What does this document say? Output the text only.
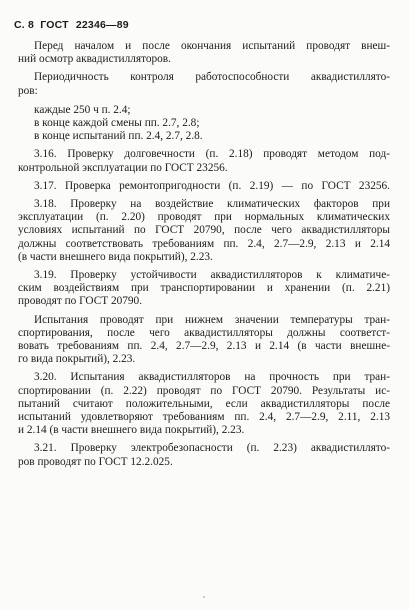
С. 8 ГОСТ 22346—89
Перед началом и после окончания испытаний проводят внеш-
ний осмотр аквадистилляторов.
Периодичность контроля работоспособности аквадистиллято-
ров:
каждые 250 ч п. 2.4;
в конце каждой смены пп. 2.7, 2.8;
в конце испытаний пп. 2.4, 2.7, 2.8.
3.16. Проверку долговечности (п. 2.18) проводят методом под-
контрольной эксплуатации по ГОСТ 23256.
3.17. Проверка ремонтопригодности (п. 2.19) — по ГОСТ 23256.
3.18. Проверку на воздействие климатических факторов при
эксплуатации (п. 2.20) проводят при нормальных климатических
условиях испытаний по ГОСТ 20790, после чего аквадистилляторы
должны соответствовать требованиям пп. 2.4, 2.7—2.9, 2.13 и 2.14
(в части внешнего вида покрытий), 2.23.
3.19. Проверку устойчивости аквадистилляторов к климатиче-
ским воздействиям при транспортировании и хранении (п. 2.21)
проводят по ГОСТ 20790.
Испытания проводят при нижнем значении температуры тран-
спортирования, после чего аквадистилляторы должны соответст-
вовать требованиям пп. 2.4, 2.7—2.9, 2.13 и 2.14 (в части внешне-
го вида покрытий), 2.23.
3.20. Испытания аквадистилляторов на прочность при тран-
спортировании (п. 2.22) проводят по ГОСТ 20790. Результаты ис-
пытаний считают положительными, если аквадистилляторы после
испытаний удовлетворяют требованиям пп. 2.4, 2.7—2.9, 2.11, 2.13
и 2.14 (в части внешнего вида покрытий), 2.23.
3.21. Проверку электробезопасности (п. 2.23) аквадистиллято-
ров проводят по ГОСТ 12.2.025.
